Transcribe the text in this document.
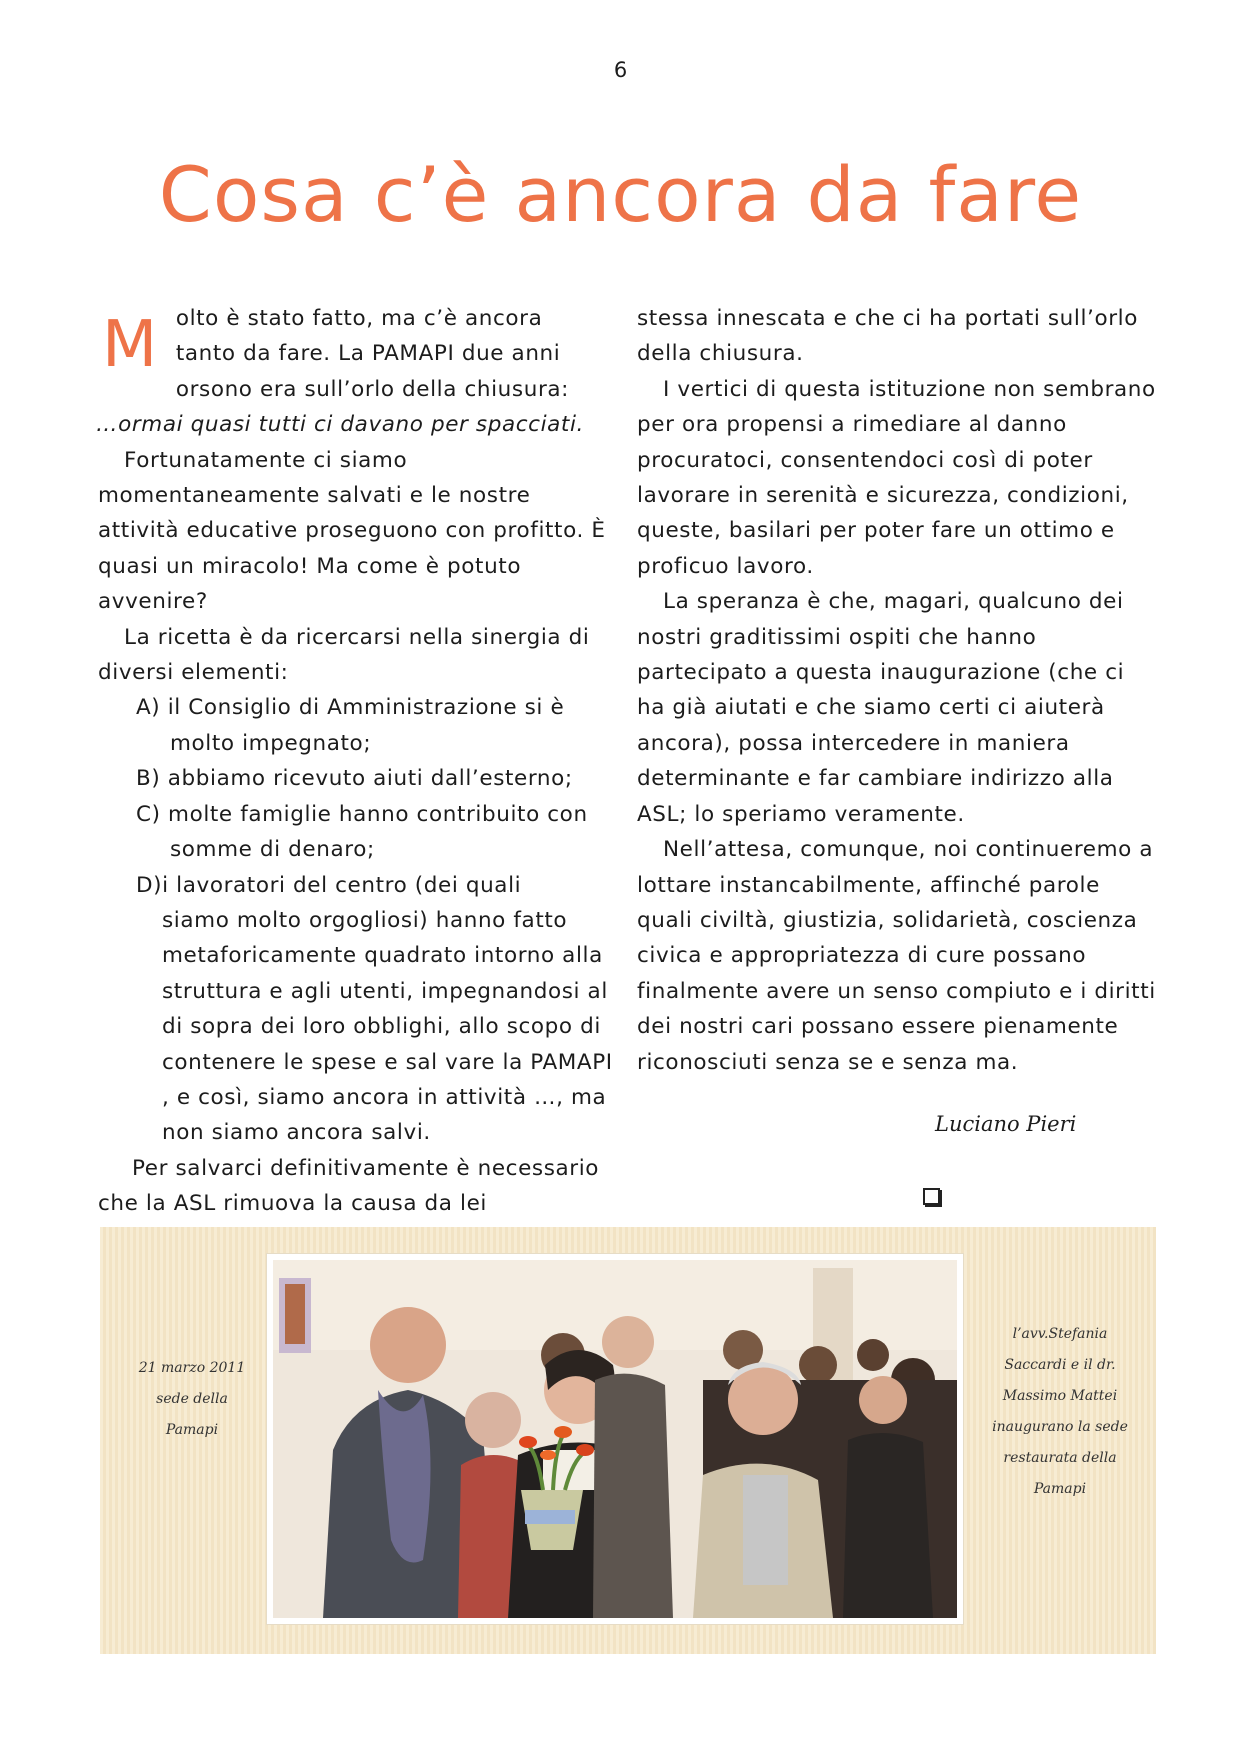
6
Cosa c’è ancora da fare
M olto è stato fatto, ma c’è ancora

tanto da fare. La PAMAPI due anni

orsono era sull’orlo della chiusura:

…ormai quasi tutti ci davano per spacciati.

Fortunatamente ci siamo momentaneamente salvati e le nostre attività educative proseguono con profitto. È quasi un miracolo! Ma come è potuto avvenire?

La ricetta è da ricercarsi nella sinergia di diversi elementi:

A) il Consiglio di Amministrazione si è
molto impegnato;
B) abbiamo ricevuto aiuti dall’esterno;
C) molte famiglie hanno contribuito con
somme di denaro;
D)i lavoratori del centro (dei quali
siamo molto orgogliosi) hanno fatto metaforicamente quadrato intorno alla struttura e agli utenti, impegnandosi al di sopra dei loro obblighi, allo scopo di contenere le spese e sal vare la PAMAPI , e così, siamo ancora in attività …, ma non siamo ancora salvi.

Per salvarci definitivamente è necessario che la ASL rimuova la causa da lei

stessa innescata e che ci ha portati sull’orlo della chiusura.

I vertici di questa istituzione non sembrano per ora propensi a rimediare al danno procuratoci, consentendoci così di poter lavorare in serenità e sicurezza, condizioni, queste, basilari per poter fare un ottimo e proficuo lavoro.

La speranza è che, magari, qualcuno dei nostri graditissimi ospiti che hanno partecipato a questa inaugurazione (che ci ha già aiutati e che siamo certi ci aiuterà ancora), possa intercedere in maniera determinante e far cambiare indirizzo alla ASL; lo speriamo veramente.

Nell’attesa, comunque, noi continueremo a lottare instancabilmente, affinché parole quali civiltà, giustizia, solidarietà, coscienza civica e appropriatezza di cure possano finalmente avere un senso compiuto e i diritti dei nostri cari possano essere pienamente riconosciuti senza se e senza ma.

Luciano Pieri
21 marzo 2011
sede della
Pamapi
l’avv.Stefania
Saccardi e il dr.
Massimo Mattei
inaugurano la sede
restaurata della
Pamapi
